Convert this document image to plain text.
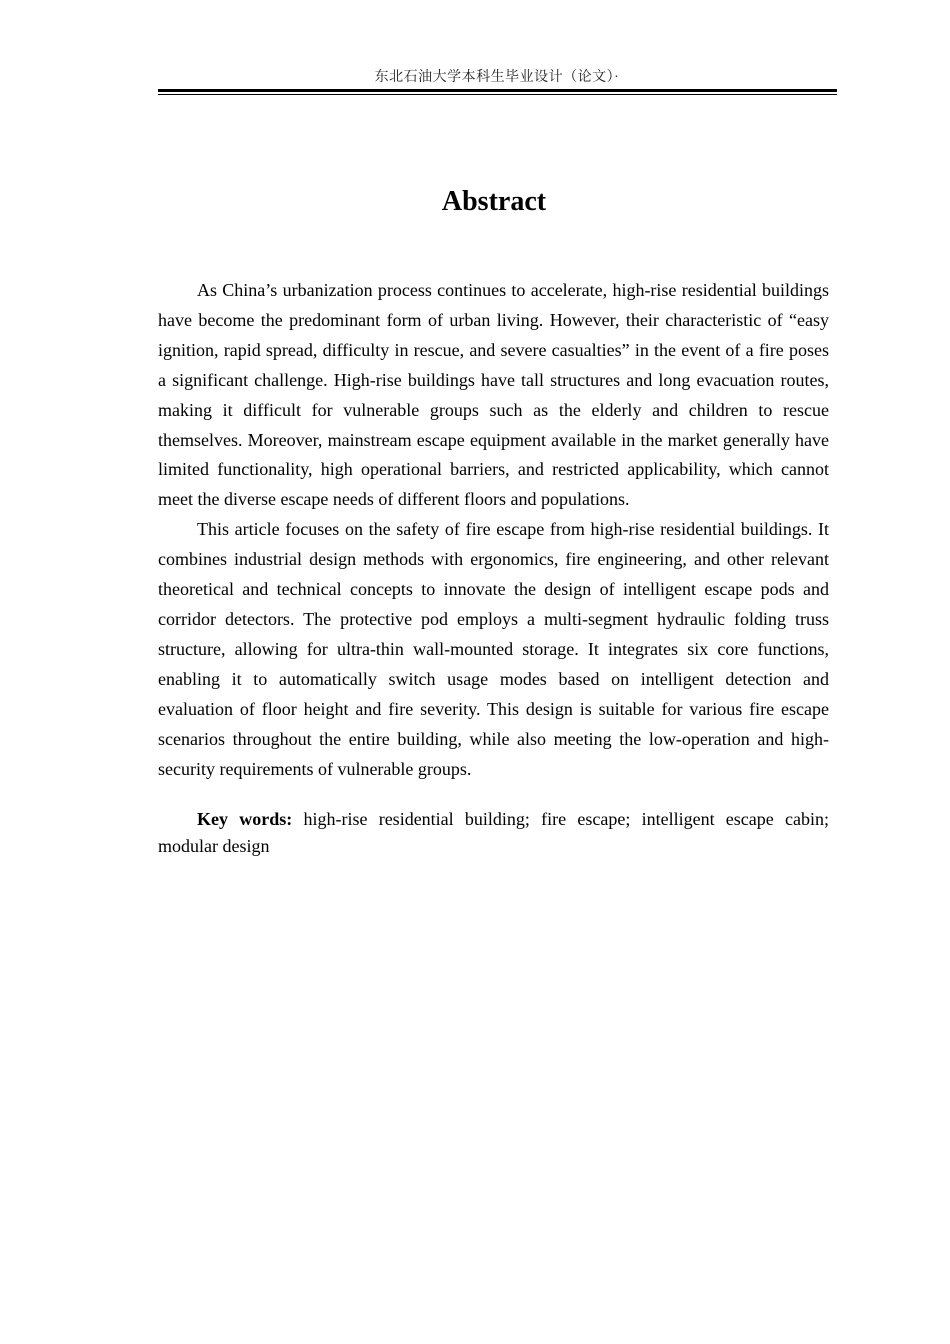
东北石油大学本科生毕业设计（论文）·
Abstract

As China’s urbanization process continues to accelerate, high-rise residential buildings have become the predominant form of urban living. However, their characteristic of “easy ignition, rapid spread, difficulty in rescue, and severe casualties” in the event of a fire poses a significant challenge. High-rise buildings have tall structures and long evacuation routes, making it difficult for vulnerable groups such as the elderly and children to rescue themselves. Moreover, mainstream escape equipment available in the market generally have limited functionality, high operational barriers, and restricted applicability, which cannot meet the diverse escape needs of different floors and populations.

This article focuses on the safety of fire escape from high-rise residential buildings. It combines industrial design methods with ergonomics, fire engineering, and other relevant theoretical and technical concepts to innovate the design of intelligent escape pods and corridor detectors. The protective pod employs a multi-segment hydraulic folding truss structure, allowing for ultra-thin wall-mounted storage. It integrates six core functions, enabling it to automatically switch usage modes based on intelligent detection and evaluation of floor height and fire severity. This design is suitable for various fire escape scenarios throughout the entire building, while also meeting the low-operation and high-security requirements of vulnerable groups.

Key words: high-rise residential building; fire escape; intelligent escape cabin; modular design
